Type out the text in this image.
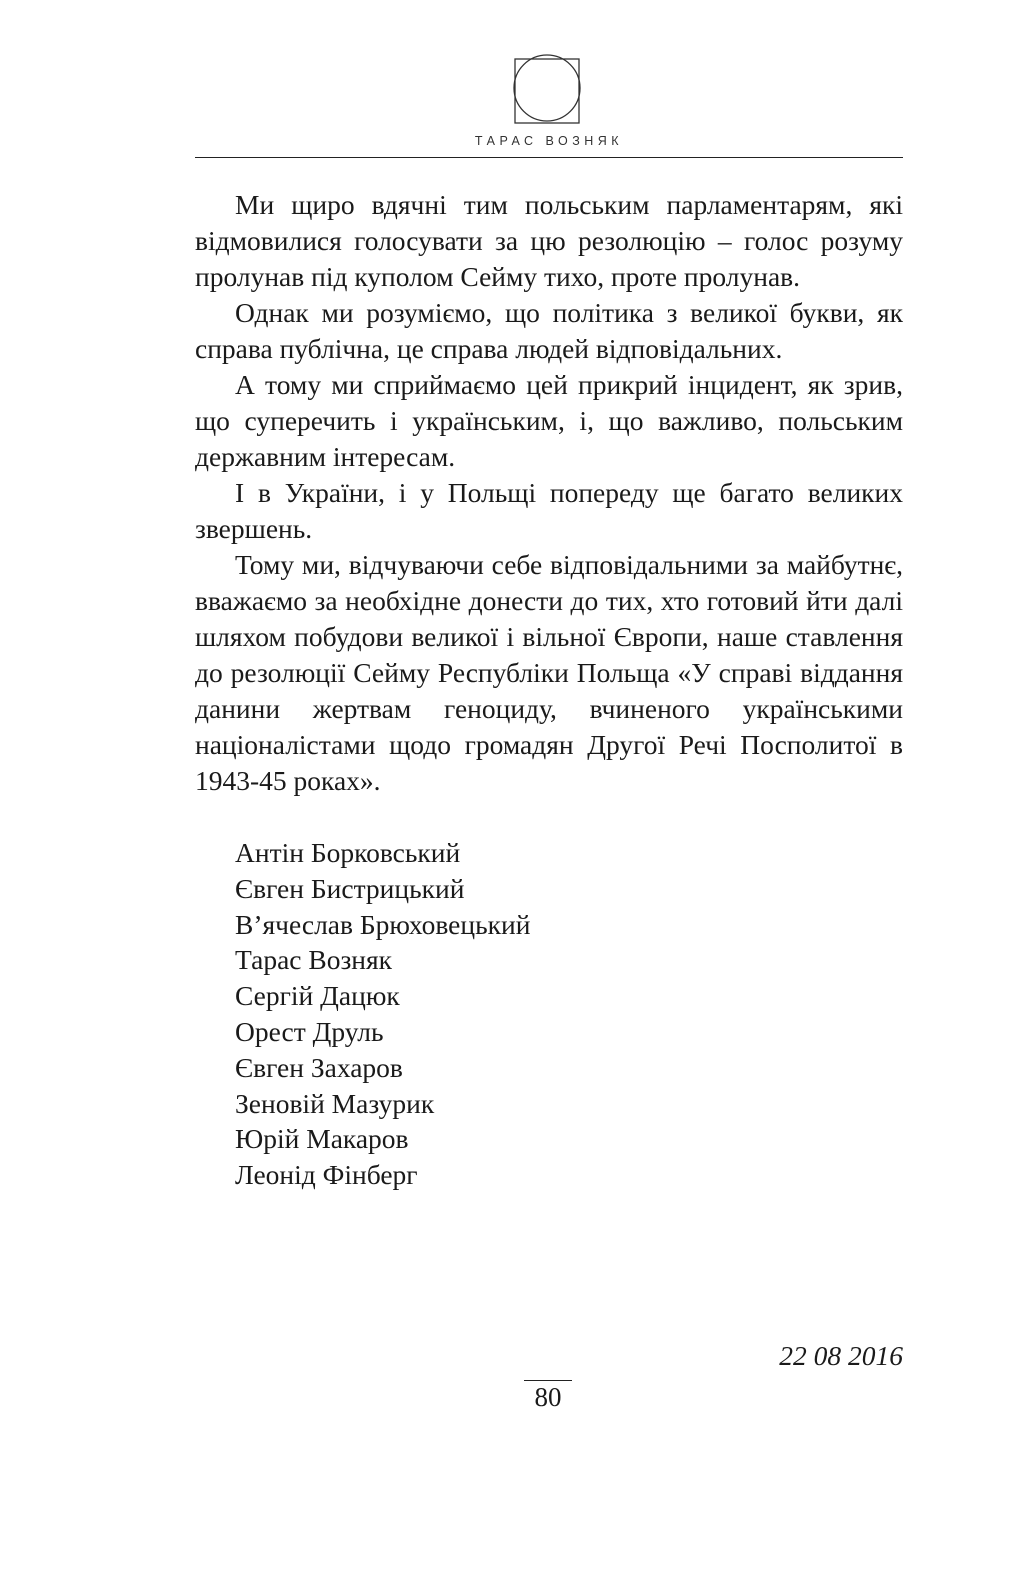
ТАРАС ВОЗНЯК

Ми щиро вдячні тим польським парламентарям, які відмовилися голосувати за цю резолюцію – голос розуму пролунав під куполом Сейму тихо, проте пролунав.

Однак ми розуміємо, що політика з великої букви, як справа публічна, це справа людей відповідальних.

А тому ми сприймаємо цей прикрий інцидент, як зрив, що суперечить і українським, і, що важливо, польським державним інтересам.

І в України, і у Польщі попереду ще багато великих звершень.

Тому ми, відчуваючи себе відповідальними за майбутнє, вважаємо за необхідне донести до тих, хто готовий йти далі шляхом побудови великої і вільної Європи, наше ставлення до резолюції Сейму Республіки Польща «У справі віддання данини жертвам геноциду, вчиненого українськими націоналістами щодо громадян Другої Речі Посполитої в 1943-45 роках».

Антін Борковський
Євген Бистрицький
В’ячеслав Брюховецький
Тарас Возняк
Сергій Дацюк
Орест Друль
Євген Захаров
Зеновій Мазурик
Юрій Макаров
Леонід Фінберг
22 08 2016
80
